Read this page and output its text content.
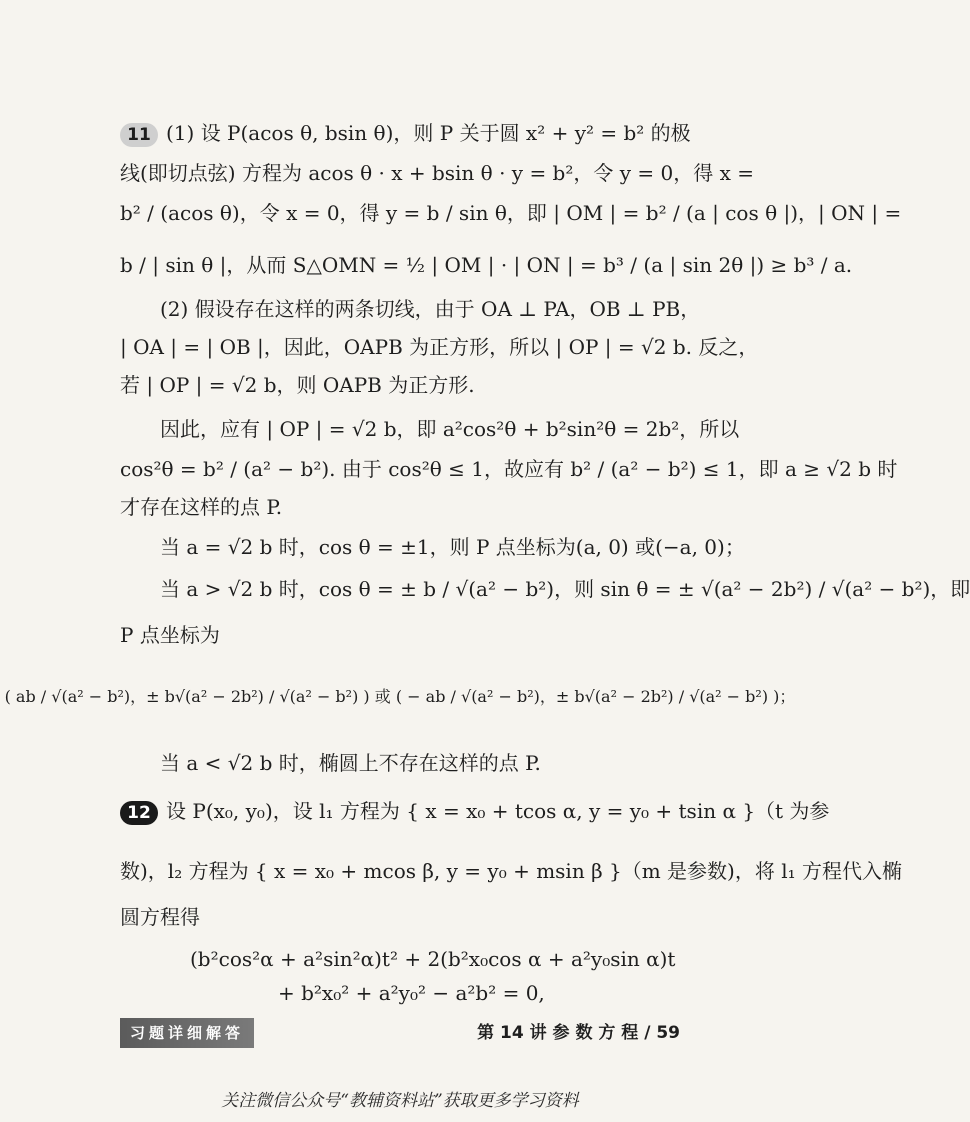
11 (1) 设 P(acos θ, bsin θ)，则 P 关于圆 x² + y² = b² 的极
线(即切点弦) 方程为 acos θ · x + bsin θ · y = b²，令 y = 0，得 x =
b² / (acos θ)，令 x = 0，得 y = b / sin θ，即 | OM | = b² / (a | cos θ |)，| ON | =
b / | sin θ |，从而 S△OMN = ½ | OM | · | ON | = b³ / (a | sin 2θ |) ≥ b³ / a.
(2) 假设存在这样的两条切线，由于 OA ⊥ PA，OB ⊥ PB，
| OA | = | OB |，因此，OAPB 为正方形，所以 | OP | = √2 b. 反之，
若 | OP | = √2 b，则 OAPB 为正方形.
因此，应有 | OP | = √2 b，即 a²cos²θ + b²sin²θ = 2b²，所以
cos²θ = b² / (a² − b²). 由于 cos²θ ≤ 1，故应有 b² / (a² − b²) ≤ 1，即 a ≥ √2 b 时
才存在这样的点 P.
当 a = √2 b 时，cos θ = ±1，则 P 点坐标为(a, 0) 或(−a, 0)；
当 a > √2 b 时，cos θ = ± b / √(a² − b²)，则 sin θ = ± √(a² − 2b²) / √(a² − b²)，即
P 点坐标为
( ab / √(a² − b²)，± b√(a² − 2b²) / √(a² − b²) ) 或 ( − ab / √(a² − b²)，± b√(a² − 2b²) / √(a² − b²) )；
当 a < √2 b 时，椭圆上不存在这样的点 P.
12 设 P(x₀, y₀)，设 l₁ 方程为 { x = x₀ + tcos α, y = y₀ + tsin α }（t 为参
数)，l₂ 方程为 { x = x₀ + mcos β, y = y₀ + msin β }（m 是参数)，将 l₁ 方程代入椭
圆方程得
(b²cos²α + a²sin²α)t² + 2(b²x₀cos α + a²y₀sin α)t
+ b²x₀² + a²y₀² − a²b² = 0,
习题详细解答	第 14 讲 参 数 方 程 / 59
关注微信公众号“教辅资料站”获取更多学习资料
